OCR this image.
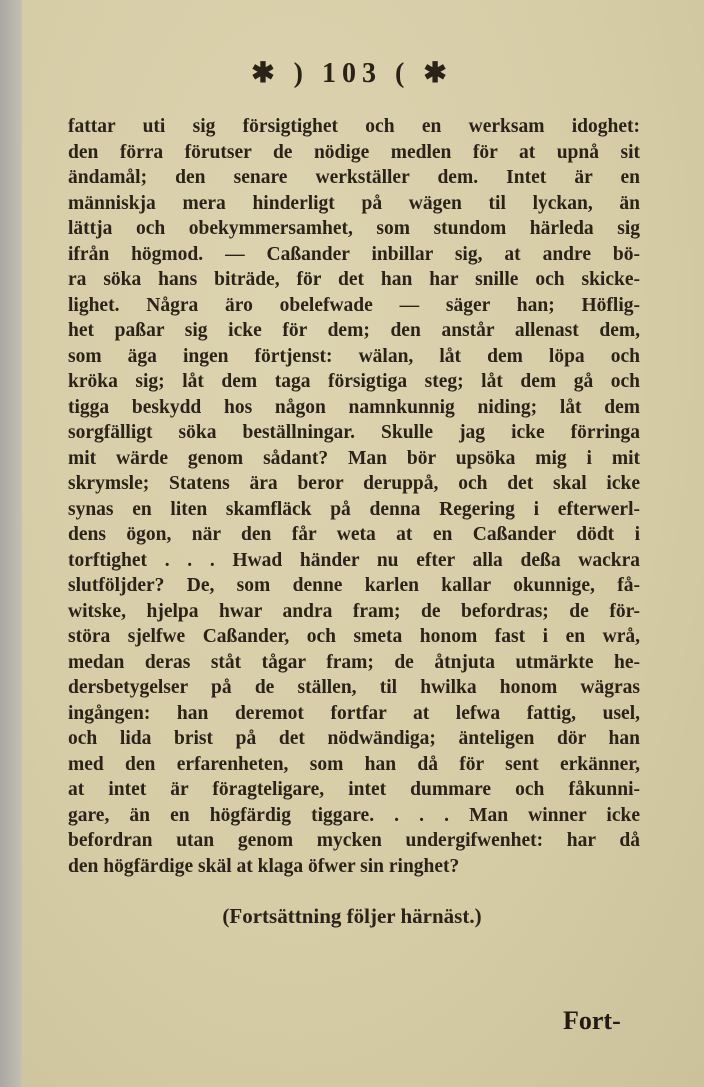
✱ ) 103 ( ✱
fattar uti sig försigtighet och en werksam idoghet:
den förra förutser de nödige medlen för at upnå sit
ändamål; den senare werkställer dem. Intet är en
människja mera hinderligt på wägen til lyckan, än
lättja och obekymmersamhet, som stundom härleda sig
ifrån högmod. — Caßander inbillar sig, at andre bö-
ra söka hans biträde, för det han har snille och skicke-
lighet. Några äro obelefwade — säger han; Höflig-
het paßar sig icke för dem; den anstår allenast dem,
som äga ingen förtjenst: wälan, låt dem löpa och
kröka sig; låt dem taga försigtiga steg; låt dem gå och
tigga beskydd hos någon namnkunnig niding; låt dem
sorgfälligt söka beställningar. Skulle jag icke förringa
mit wärde genom sådant? Man bör upsöka mig i mit
skrymsle; Statens ära beror deruppå, och det skal icke
synas en liten skamfläck på denna Regering i efterwerl-
dens ögon, när den får weta at en Caßander dödt i
torftighet . . . Hwad händer nu efter alla deßa wackra
slutföljder? De, som denne karlen kallar okunnige, få-
witske, hjelpa hwar andra fram; de befordras; de för-
störa sjelfwe Caßander, och smeta honom fast i en wrå,
medan deras ståt tågar fram; de åtnjuta utmärkte he-
dersbetygelser på de ställen, til hwilka honom wägras
ingången: han deremot fortfar at lefwa fattig, usel,
och lida brist på det nödwändiga; änteligen dör han
med den erfarenheten, som han då för sent erkänner,
at intet är föragteligare, intet dummare och fåkunni-
gare, än en högfärdig tiggare. . . . Man winner icke
befordran utan genom mycken undergifwenhet: har då
den högfärdige skäl at klaga öfwer sin ringhet?
(Fortsättning följer härnäst.)
Fort-
